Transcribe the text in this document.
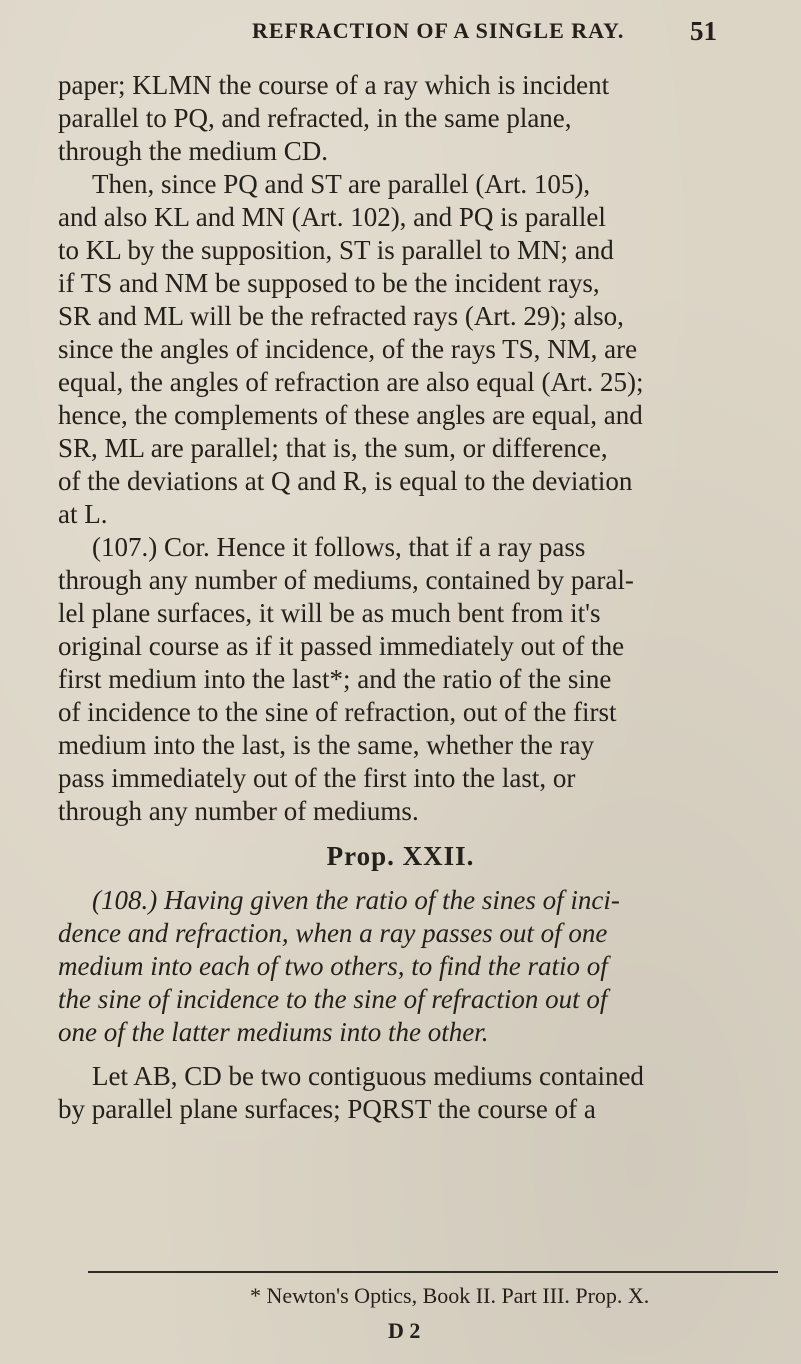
REFRACTION OF A SINGLE RAY. 51
paper; KLMN the course of a ray which is incident
parallel to PQ, and refracted, in the same plane,
through the medium CD.
Then, since PQ and ST are parallel (Art. 105),
and also KL and MN (Art. 102), and PQ is parallel
to KL by the supposition, ST is parallel to MN; and
if TS and NM be supposed to be the incident rays,
SR and ML will be the refracted rays (Art. 29); also,
since the angles of incidence, of the rays TS, NM, are
equal, the angles of refraction are also equal (Art. 25);
hence, the complements of these angles are equal, and
SR, ML are parallel; that is, the sum, or difference,
of the deviations at Q and R, is equal to the deviation
at L.
(107.) Cor. Hence it follows, that if a ray pass
through any number of mediums, contained by paral-
lel plane surfaces, it will be as much bent from it's
original course as if it passed immediately out of the
first medium into the last*; and the ratio of the sine
of incidence to the sine of refraction, out of the first
medium into the last, is the same, whether the ray
pass immediately out of the first into the last, or
through any number of mediums.
Prop. XXII.
(108.) Having given the ratio of the sines of inci-
dence and refraction, when a ray passes out of one
medium into each of two others, to find the ratio of
the sine of incidence to the sine of refraction out of
one of the latter mediums into the other.
Let AB, CD be two contiguous mediums contained
by parallel plane surfaces; PQRST the course of a
* Newton's Optics, Book II. Part III. Prop. X.
D 2
